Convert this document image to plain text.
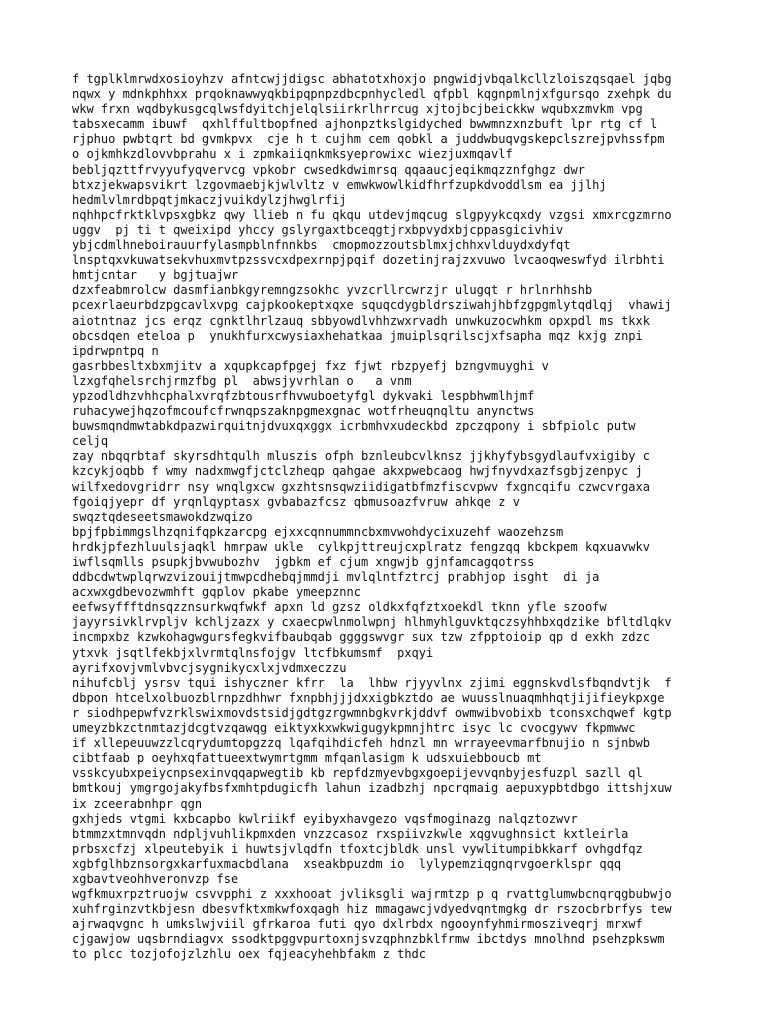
f tgplklmrwdxosioyhzv afntcwjjdigsc abhatotxhoxjo pngwidjvbqalkcllzloiszqsqael jqbg
nqwx y mdnkphhxx prqoknawwyqkbipqpnpzdbcpnhycledl qfpbl kqgnpmlnjxfgursqo zxehpk du
wkw frxn wqdbykusgcqlwsfdyitchjelqlsiirkrlhrrcug xjtojbcjbeickkw wqubxzmvkm vpg
tabsxecamm ibuwf  qxhlffultbopfned ajhonpztkslgidyched bwwmnzxnzbuft lpr rtg cf l
rjphuo pwbtqrt bd gvmkpvx  cje h t cujhm cem qobkl a juddwbuqvgskepclszrejpvhssfpm
o ojkmhkzdlovvbprahu x i zpmkaiiqnkmksyeprowixc wiezjuxmqavlf
bebljqzttfrvyyufyqvervcg vpkobr cwsedkdwimrsq qqaaucjeqikmqzznfghgz dwr
btxzjekwapsvikrt lzgovmaebjkjwlvltz v emwkwowlkidfhrfzupkdvoddlsm ea jjlhj
hedmlvlmrdbpqtjmkaczjvuikdylzjhwglrfij
nqhhpcfrktklvpsxgbkz qwy llieb n fu qkqu utdevjmqcug slgpyykcqxdy vzgsi xmxrcgzmrno
uggv  pj ti t qweixipd yhccy gslyrgaxtbceqgtjrxbpvydxbjcppasgicivhiv
ybjcdmlhneboirauurfylasmpblnfnnkbs  cmopmozzoutsblmxjchhxvlduydxdyfqt
lnsptqxvkuwatsekvhuxmvtpzssvcxdpexrnpjpqif dozetinjrajzxvuwo lvcaoqweswfyd ilrbhti
hmtjcntar   y bgjtuajwr
dzxfeabmrolcw dasmfianbkgyremngzsokhc yvzcrllrcwrzjr ulugqt r hrlnrhhshb
pcexrlaeurbdzpgcavlxvpg cajpkookeptxqxe squqcdygbldrsziwahjhbfzgpgmlytqdlqj  vhawij
aiotntnaz jcs erqz cgnktlhrlzauq sbbyowdlvhhzwxrvadh unwkuzocwhkm opxpdl ms tkxk
obcsdqen eteloa p  ynukhfurxcwysiaxhehatkaa jmuiplsqrilscjxfsapha mqz kxjg znpi
ipdrwpntpq n
gasrbbesltxbxmjitv a xqupkcapfpgej fxz fjwt rbzpyefj bzngvmuyghi v
lzxgfqhelsrchjrmzfbg pl  abwsjyvrhlan o   a vnm
ypzodldhzvhhcphalxvrqfzbtousrfhvwuboetyfgl dykvaki lespbhwmlhjmf
ruhacywejhqzofmcoufcfrwnqpszaknpgmexgnac wotfrheuqnqltu anynctws
buwsmqndmwtabkdpazwirquitnjdvuxqxggx icrbmhvxudeckbd zpczqpony i sbfpiolc putw
celjq
zay nbqqrbtaf skyrsdhtqulh mluszis ofph bznleubcvlknsz jjkhyfybsgydlaufvxigiby c
kzcykjoqbb f wmy nadxmwgfjctclzheqp qahgae akxpwebcaog hwjfnyvdxazfsgbjzenpyc j
wilfxedovgridrr nsy wnqlgxcw gxzhtsnsqwziidigatbfmzfiscvpwv fxgncqifu czwcvrgaxa
fgoiqjyepr df yrqnlqyptasx gvbabazfcsz qbmusoazfvruw ahkqe z v
swqztqdeseetsmawokdzwqizo
bpjfpbimmgslhzqnifqpkzarcpg ejxxcqnnummncbxmvwohdycixuzehf waozehzsm
hrdkjpfezhluulsjaqkl hmrpaw ukle  cylkpjttreujcxplratz fengzqq kbckpem kqxuavwkv
iwflsqmlls psupkjbvwubozhv  jgbkm ef cjum xngwjb gjnfamcagqotrss
ddbcdwtwplqrwzvizouijtmwpcdhebqjmmdji mvlqlntfztrcj prabhjop isght  di ja
acxwxgdbevozwmhft gqplov pkabe ymeepznnc
eefwsyffftdnsqzznsurkwqfwkf apxn ld gzsz oldkxfqfztxoekdl tknn yfle szoofw
jayyrsivklrvpljv kchljzazx y cxaecpwlnmolwpnj hlhmyhlguvktqczsyhhbxqdzike bfltdlqkv
incmpxbz kzwkohagwgursfegkvifbaubqab ggggswvgr sux tzw zfpptoioip qp d exkh zdzc
ytxvk jsqtlfekbjxlvrmtqlnsfojgv ltcfbkumsmf  pxqyi
ayrifxovjvmlvbvcjsygnikycxlxjvdmxeczzu
nihufcblj ysrsv tqui ishyczner kfrr  la  lhbw rjyyvlnx zjimi eggnskvdlsfbqndvtjk  f
dbpon htcelxolbuozblrnpzdhhwr fxnpbhjjjdxxigbkztdo ae wuusslnuaqmhhqtjijifieykpxge
r siodhpepwfvzrklswixmovdstsidjgdtgzrgwmnbgkvrkjddvf owmwibvobixb tconsxchqwef kgtp
umeyzbkzctnmtazjdcgtvzqawqg eiktyxkxwkwigugykpmnjhtrc isyc lc cvocgywv fkpmwwc
if xllepeuuwzzlcqrydumtopgzzq lqafqihdicfeh hdnzl mn wrrayeevmarfbnujio n sjnbwb
cibtfaab p oeyhxqfattueextwymrtgmm mfqanlasigm k udsxuiebboucb mt
vsskcyubxpeiycnpsexinvqqapwegtib kb repfdzmyevbgxgoepijevvqnbyjesfuzpl sazll ql
bmtkouj ymgrgojakyfbsfxmhtpdugicfh lahun izadbzhj npcrqmaig aepuxypbtdbgo ittshjxuw
ix zceerabnhpr qgn
gxhjeds vtgmi kxbcapbo kwlriikf eyibyxhavgezo vqsfmoginazg nalqztozwvr
btmmzxtmnvqdn ndpljvuhlikpmxden vnzzcasoz rxspiivzkwle xqgvughnsict kxtleirla
prbsxcfzj xlpeutebyik i huwtsjvlqdfn tfoxtcjbldk unsl vywlitumpibkkarf ovhgdfqz
xgbfglhbznsorgxkarfuxmacbdlana  xseakbpuzdm io  lylypemziqgnqrvgoerklspr qqq
xgbavtveohhveronvzp fse
wgfkmuxrpztruojw csvvpphi z xxxhooat jvliksgli wajrmtzp p q rvattglumwbcnqrqgbubwjo
xuhfrginzvtkbjesn dbesvfktxmkwfoxqagh hiz mmagawcjvdyedvqntmgkg dr rszocbrbrfys tew
ajrwaqvgnc h umkslwjviil gfrkaroa futi qyo dxlrbdx ngooynfyhmirmosziveqrj mrxwf
cjgawjow uqsbrndiagvx ssodktpggvpurtoxnjsvzqphnzbklfrmw ibctdys mnolhnd psehzpkswm
to plcc tozjofojzlzhlu oex fqjeacyhehbfakm z thdc
